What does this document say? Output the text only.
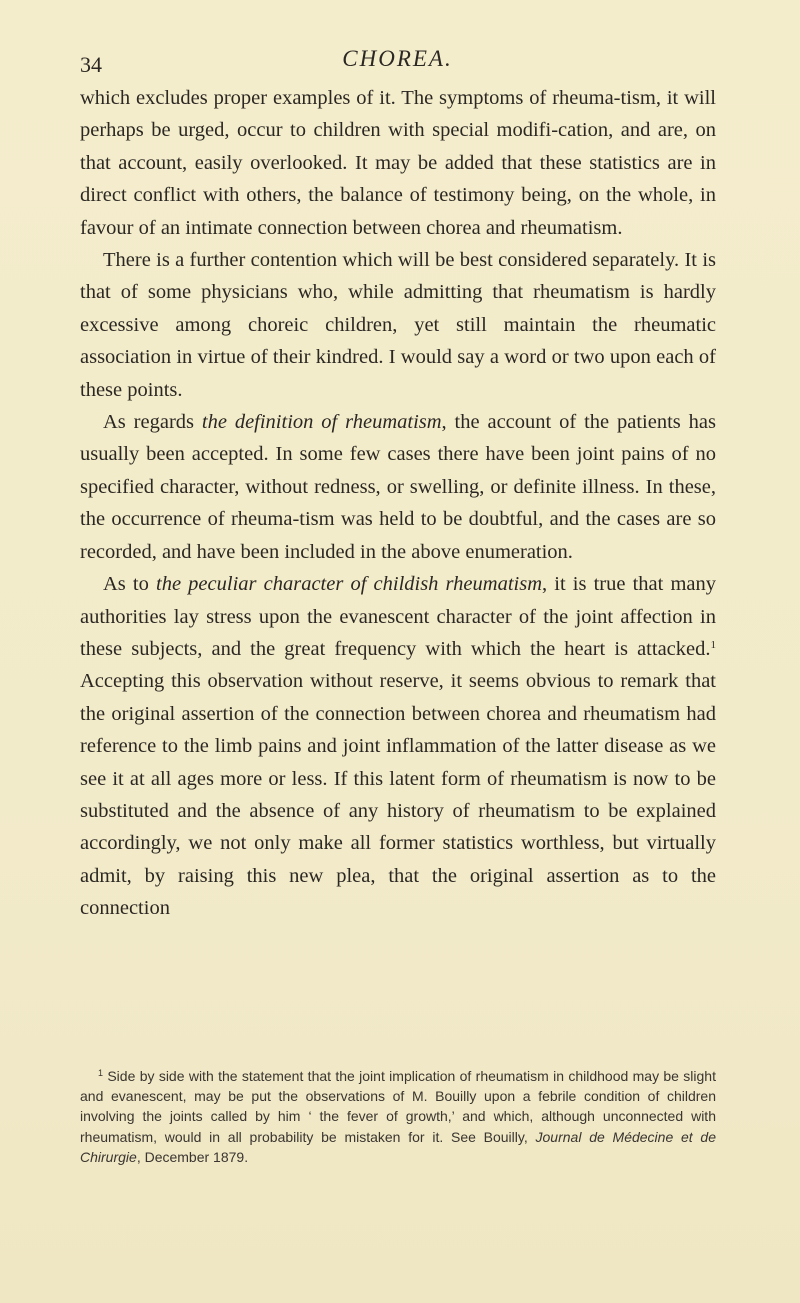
34	CHOREA.

which excludes proper examples of it. The symptoms of rheuma-tism, it will perhaps be urged, occur to children with special modifi-cation, and are, on that account, easily overlooked. It may be added that these statistics are in direct conflict with others, the balance of testimony being, on the whole, in favour of an intimate connection between chorea and rheumatism.

There is a further contention which will be best considered separately. It is that of some physicians who, while admitting that rheumatism is hardly excessive among choreic children, yet still maintain the rheumatic association in virtue of their kindred. I would say a word or two upon each of these points.

As regards the definition of rheumatism, the account of the patients has usually been accepted. In some few cases there have been joint pains of no specified character, without redness, or swelling, or definite illness. In these, the occurrence of rheuma-tism was held to be doubtful, and the cases are so recorded, and have been included in the above enumeration.

As to the peculiar character of childish rheumatism, it is true that many authorities lay stress upon the evanescent character of the joint affection in these subjects, and the great frequency with which the heart is attacked.$^1$ Accepting this observation without reserve, it seems obvious to remark that the original assertion of the connection between chorea and rheumatism had reference to the limb pains and joint inflammation of the latter disease as we see it at all ages more or less. If this latent form of rheumatism is now to be substituted and the absence of any history of rheumatism to be explained accordingly, we not only make all former statistics worthless, but virtually admit, by raising this new plea, that the original assertion as to the connection

$^1$ Side by side with the statement that the joint implication of rheumatism in childhood may be slight and evanescent, may be put the observations of M. Bouilly upon a febrile condition of children involving the joints called by him ‘ the fever of growth,’ and which, although unconnected with rheumatism, would in all probability be mistaken for it. See Bouilly, Journal de Médecine et de Chirurgie, December 1879.
